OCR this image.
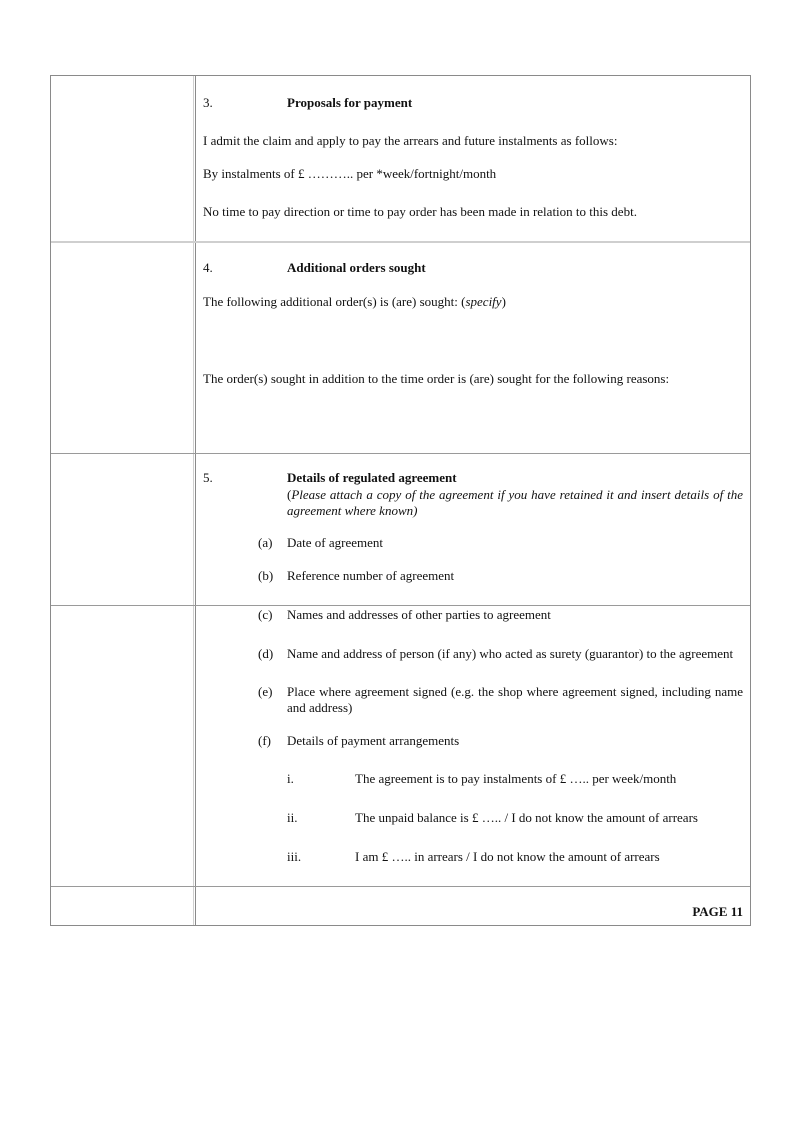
3.	Proposals for payment
I admit the claim and apply to pay the arrears and future instalments as follows:
By instalments of £ ……….. per *week/fortnight/month
No time to pay direction or time to pay order has been made in relation to this debt.
4.	Additional orders sought
The following additional order(s) is (are) sought: (specify)
The order(s) sought in addition to the time order is (are) sought for the following reasons:
5.	Details of regulated agreement
(Please attach a copy of the agreement if you have retained it and insert details of the agreement where known)
(a) Date of agreement
(b) Reference number of agreement
(c) Names and addresses of other parties to agreement
(d) Name and address of person (if any) who acted as surety (guarantor) to the agreement
(e) Place where agreement signed (e.g. the shop where agreement signed, including name and address)
(f) Details of payment arrangements
i.	The agreement is to pay instalments of £ ….. per week/month
ii.	The unpaid balance is £ ….. / I do not know the amount of arrears
iii.	I am £ ….. in arrears / I do not know the amount of arrears
PAGE 11
